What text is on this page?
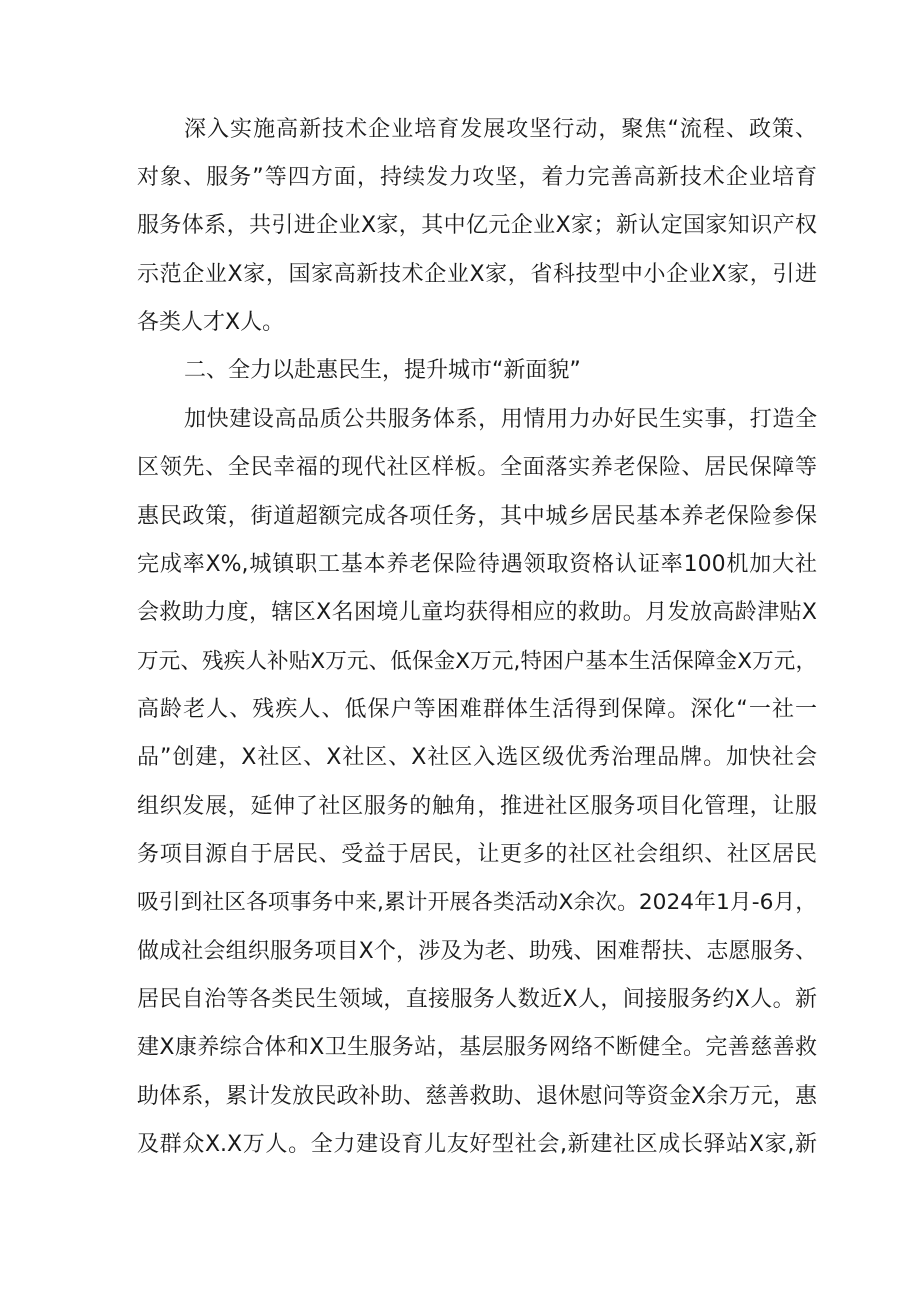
深入实施高新技术企业培育发展攻坚行动，聚焦“流程、政策、
对象、服务”等四方面，持续发力攻坚，着力完善高新技术企业培育
服务体系，共引进企业X家，其中亿元企业X家；新认定国家知识产权
示范企业X家，国家高新技术企业X家，省科技型中小企业X家，引进
各类人才X人。
二、全力以赴惠民生，提升城市“新面貌”
加快建设高品质公共服务体系，用情用力办好民生实事，打造全
区领先、全民幸福的现代社区样板。全面落实养老保险、居民保障等
惠民政策，街道超额完成各项任务，其中城乡居民基本养老保险参保
完成率X%,城镇职工基本养老保险待遇领取资格认证率100机加大社
会救助力度，辖区X名困境儿童均获得相应的救助。月发放高龄津贴X
万元、残疾人补贴X万元、低保金X万元,特困户基本生活保障金X万元，
高龄老人、残疾人、低保户等困难群体生活得到保障。深化“一社一
品”创建，X社区、X社区、X社区入选区级优秀治理品牌。加快社会
组织发展，延伸了社区服务的触角，推进社区服务项目化管理，让服
务项目源自于居民、受益于居民，让更多的社区社会组织、社区居民
吸引到社区各项事务中来,累计开展各类活动X余次。2024年1月-6月，
做成社会组织服务项目X个，涉及为老、助残、困难帮扶、志愿服务、
居民自治等各类民生领域，直接服务人数近X人，间接服务约X人。新
建X康养综合体和X卫生服务站，基层服务网络不断健全。完善慈善救
助体系，累计发放民政补助、慈善救助、退休慰问等资金X余万元，惠
及群众X.X万人。全力建设育儿友好型社会,新建社区成长驿站X家,新
